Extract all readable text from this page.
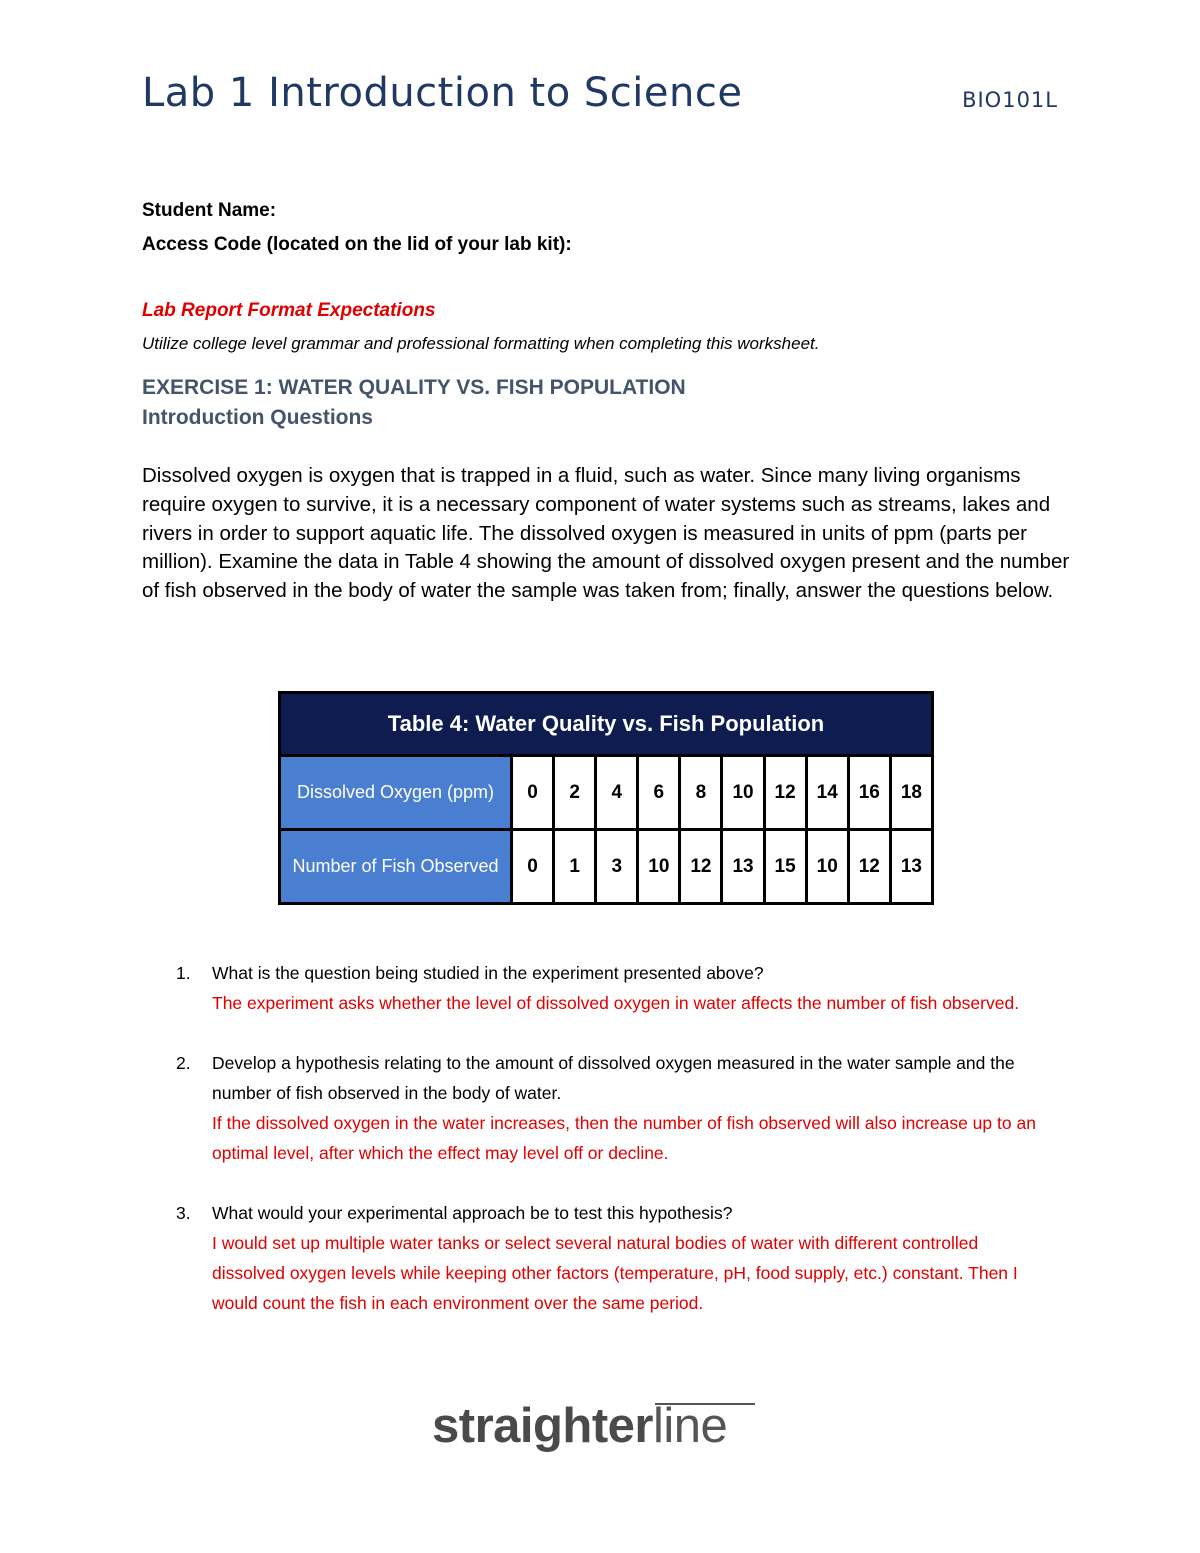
Lab 1 Introduction to Science	BIO101L
Student Name:
Access Code (located on the lid of your lab kit):
Lab Report Format Expectations
Utilize college level grammar and professional formatting when completing this worksheet.
EXERCISE 1: WATER QUALITY VS. FISH POPULATION
Introduction Questions

Dissolved oxygen is oxygen that is trapped in a fluid, such as water. Since many living organisms require oxygen to survive, it is a necessary component of water systems such as streams, lakes and rivers in order to support aquatic life. The dissolved oxygen is measured in units of ppm (parts per million). Examine the data in Table 4 showing the amount of dissolved oxygen present and the number of fish observed in the body of water the sample was taken from; finally, answer the questions below.

Table 4: Water Quality vs. Fish Population										
Dissolved Oxygen (ppm)	0	2	4	6	8	10	12	14	16	18
Number of Fish Observed	0	1	3	10	12	13	15	10	12	13
1. What is the question being studied in the experiment presented above?
The experiment asks whether the level of dissolved oxygen in water affects the number of fish observed.
2. Develop a hypothesis relating to the amount of dissolved oxygen measured in the water sample and the number of fish observed in the body of water.
If the dissolved oxygen in the water increases, then the number of fish observed will also increase up to an optimal level, after which the effect may level off or decline.
3. What would your experimental approach be to test this hypothesis?
I would set up multiple water tanks or select several natural bodies of water with different controlled dissolved oxygen levels while keeping other factors (temperature, pH, food supply, etc.) constant. Then I would count the fish in each environment over the same period.
straighterline
